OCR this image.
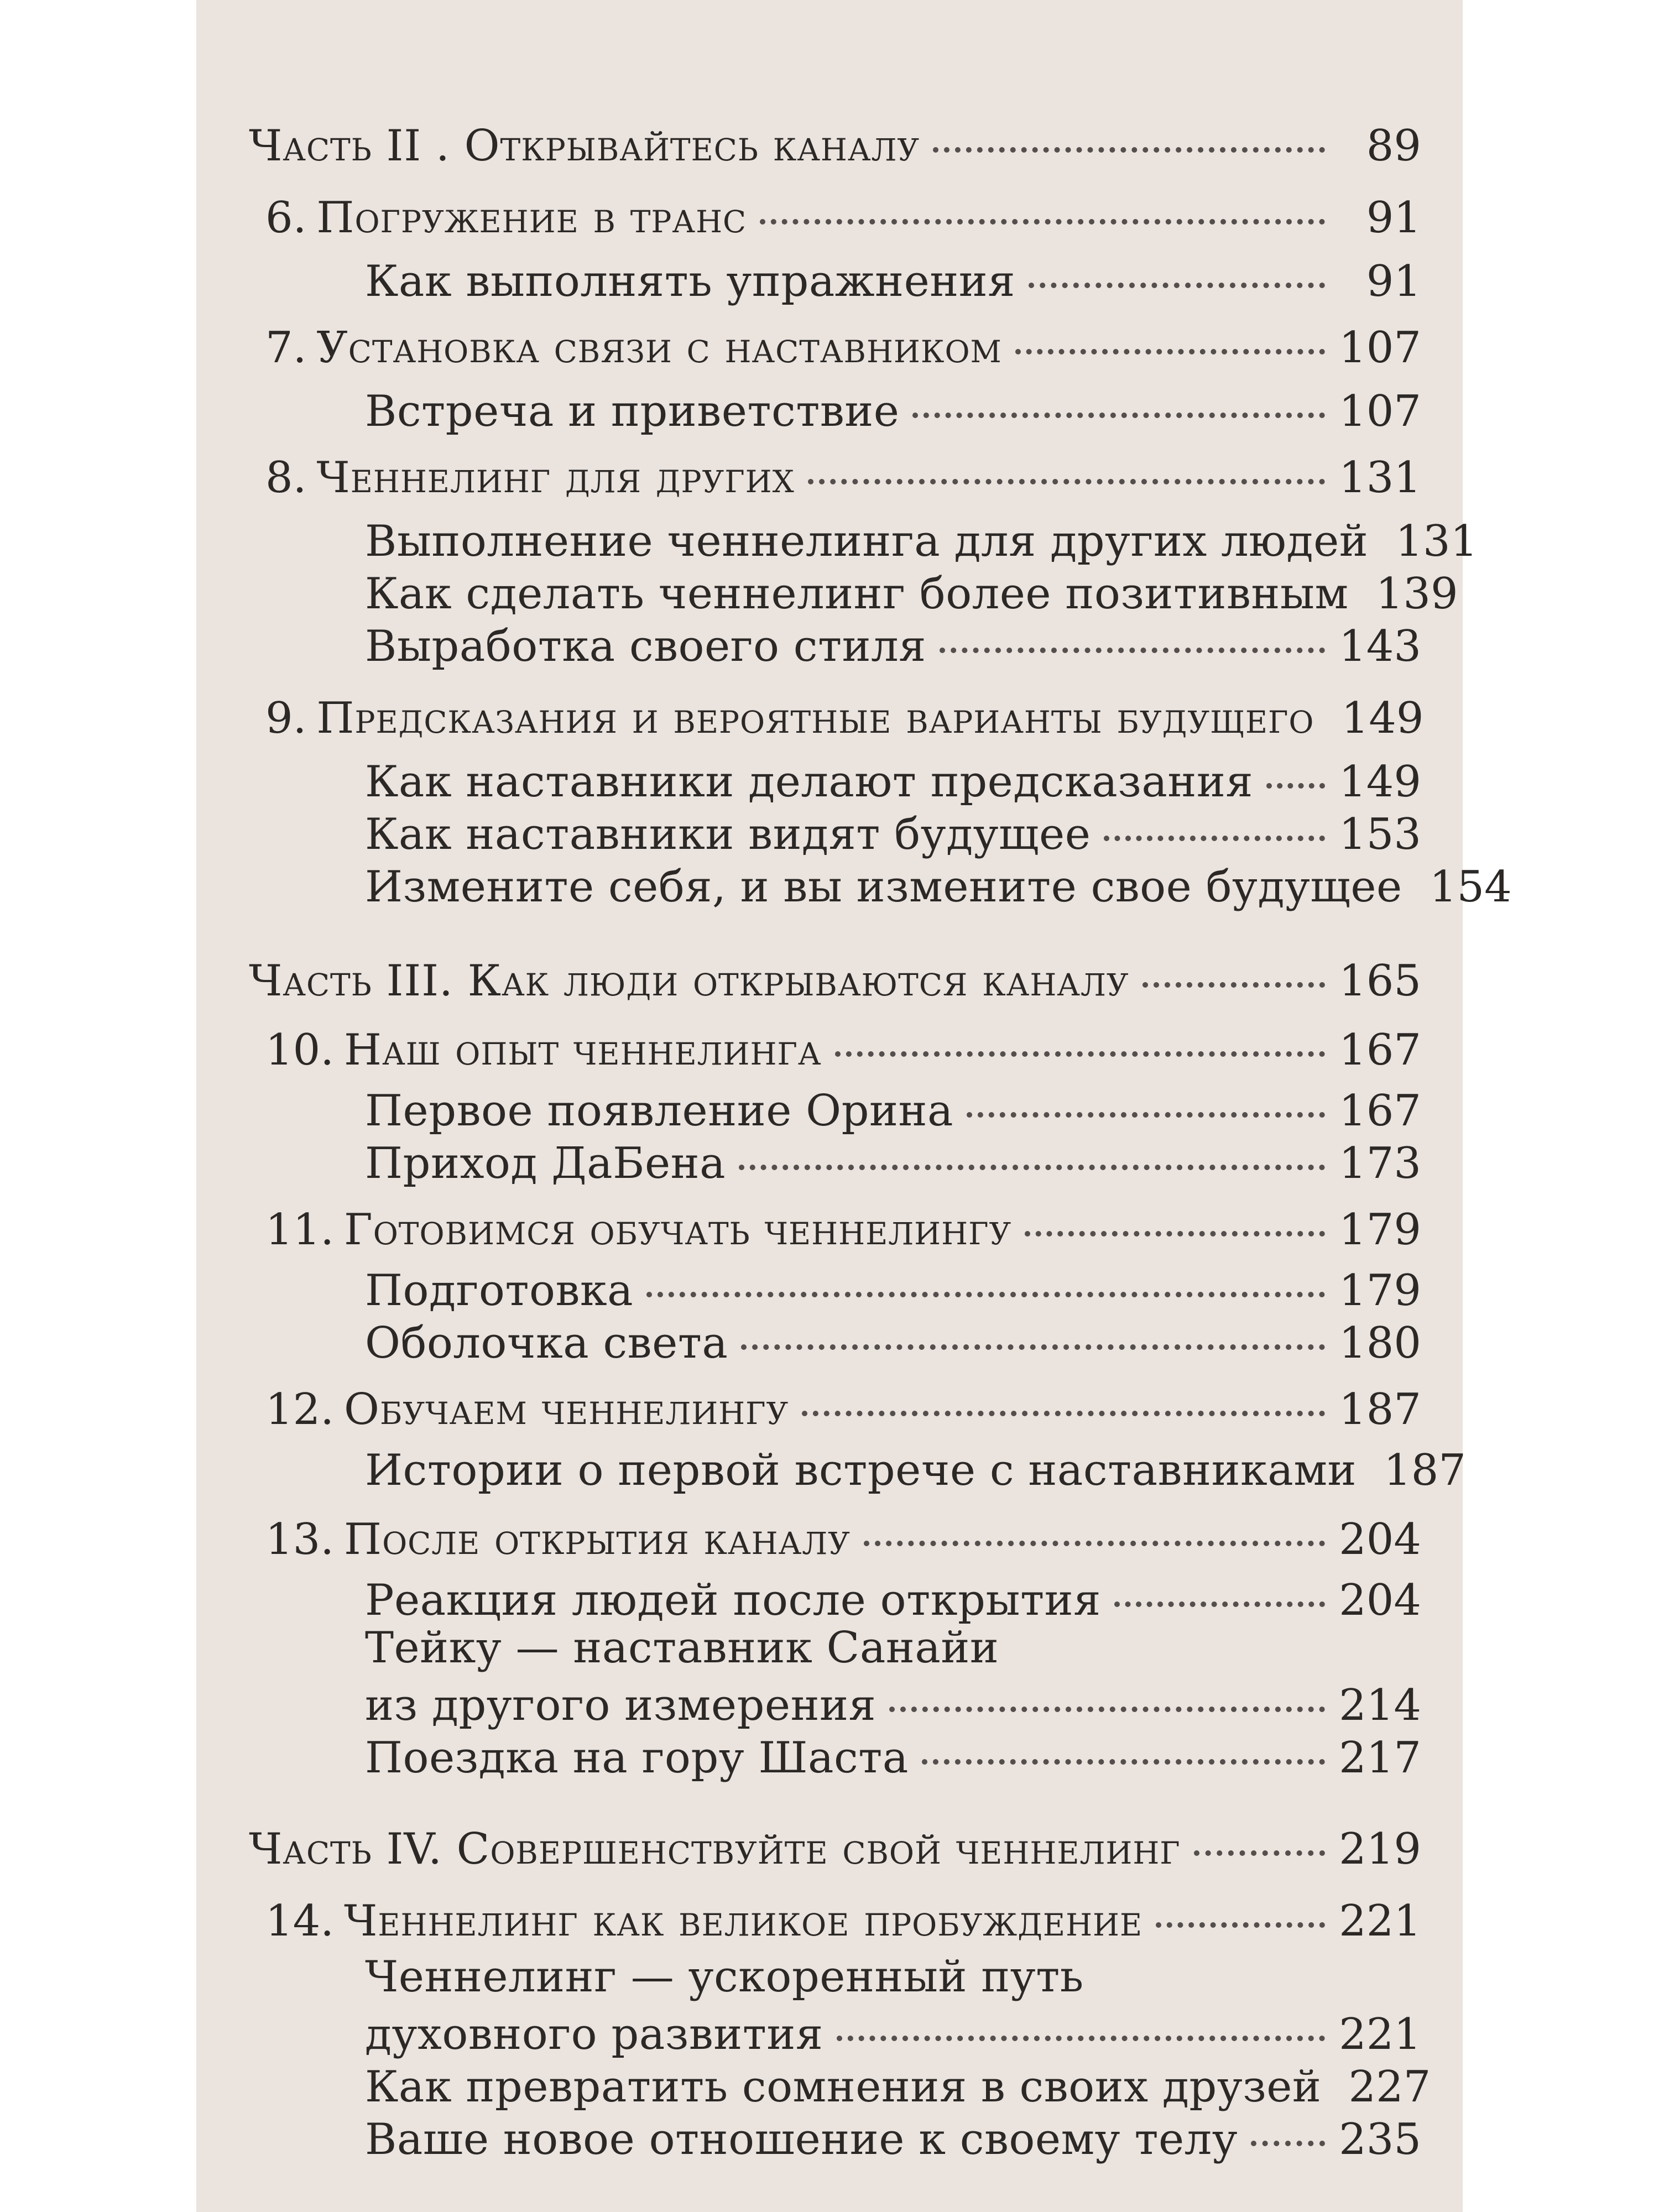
Часть II . Открывайтесь каналу	89
6. Погружение в транс	91
Как выполнять упражнения	91
7. Установка связи с наставником	107
Встреча и приветствие	107
8. Ченнелинг для других	131
Выполнение ченнелинга для других людей 131
Как сделать ченнелинг более позитивным 139
Выработка своего стиля	143
9. Предсказания и вероятные варианты будущего 149
Как наставники делают предсказания 149
Как наставники видят будущее	153
Измените себя, и вы измените свое будущее 154
Часть III. Как люди открываются каналу	165
10. Наш опыт ченнелинга	167
Первое появление Орина	167
Приход ДаБена	173
11. Готовимся обучать ченнелингу	179
Подготовка	179
Оболочка света	180
12. Обучаем ченнелингу	187
Истории о первой встрече с наставниками 187
13. После открытия каналу	204
Реакция людей после открытия	204
Тейку — наставник Санайи
из другого измерения	214
Поездка на гору Шаста	217
Часть IV. Совершенствуйте свой ченнелинг	219
14. Ченнелинг как великое пробуждение	221
Ченнелинг — ускоренный путь
духовного развития	221
Как превратить сомнения в своих друзей 227
Ваше новое отношение к своему телу 235
